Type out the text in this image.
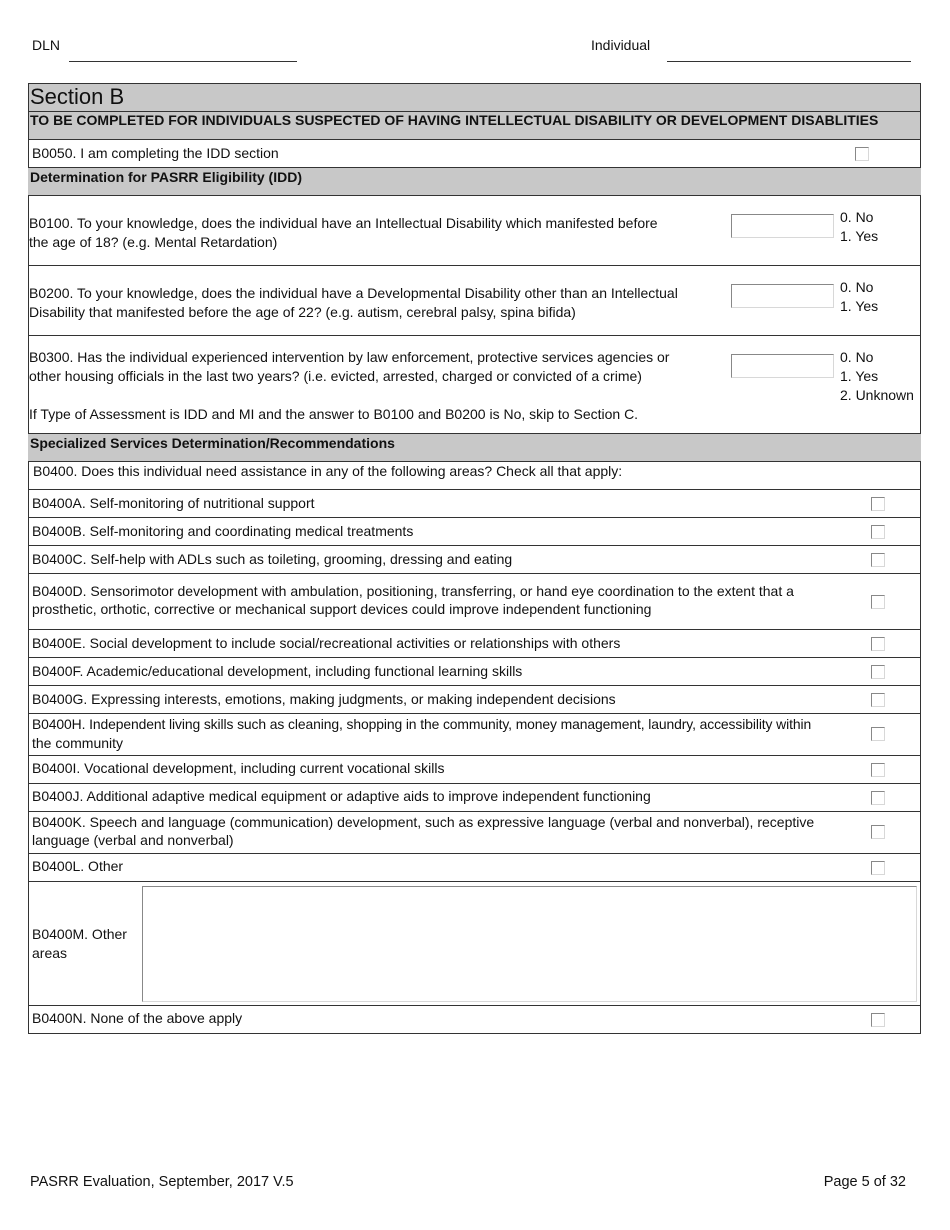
DLN	Individual
Section B
TO BE COMPLETED FOR INDIVIDUALS SUSPECTED OF HAVING INTELLECTUAL DISABILITY OR DEVELOPMENT DISABLITIES
B0050. I am completing the IDD section
Determination for PASRR Eligibility (IDD)
B0100. To your knowledge, does the individual have an Intellectual Disability which manifested before
the age of 18? (e.g. Mental Retardation)
0. No
1. Yes
B0200. To your knowledge, does the individual have a Developmental Disability other than an Intellectual
Disability that manifested before the age of 22? (e.g. autism, cerebral palsy, spina bifida)
0. No
1. Yes
B0300. Has the individual experienced intervention by law enforcement, protective services agencies or
other housing officials in the last two years? (i.e. evicted, arrested, charged or convicted of a crime)
If Type of Assessment is IDD and MI and the answer to B0100 and B0200 is No, skip to Section C.
0. No
1. Yes
2. Unknown
Specialized Services Determination/Recommendations
B0400. Does this individual need assistance in any of the following areas? Check all that apply:
B0400A. Self-monitoring of nutritional support
B0400B. Self-monitoring and coordinating medical treatments
B0400C. Self-help with ADLs such as toileting, grooming, dressing and eating
B0400D. Sensorimotor development with ambulation, positioning, transferring, or hand eye coordination to the extent that a
prosthetic, orthotic, corrective or mechanical support devices could improve independent functioning
B0400E. Social development to include social/recreational activities or relationships with others
B0400F. Academic/educational development, including functional learning skills
B0400G. Expressing interests, emotions, making judgments, or making independent decisions
B0400H. Independent living skills such as cleaning, shopping in the community, money management, laundry, accessibility within
the community
B0400I. Vocational development, including current vocational skills
B0400J. Additional adaptive medical equipment or adaptive aids to improve independent functioning
B0400K. Speech and language (communication) development, such as expressive language (verbal and nonverbal), receptive
language (verbal and nonverbal)
B0400L. Other
B0400M. Other
areas
B0400N. None of the above apply
PASRR Evaluation, September, 2017 V.5	Page 5 of 32
